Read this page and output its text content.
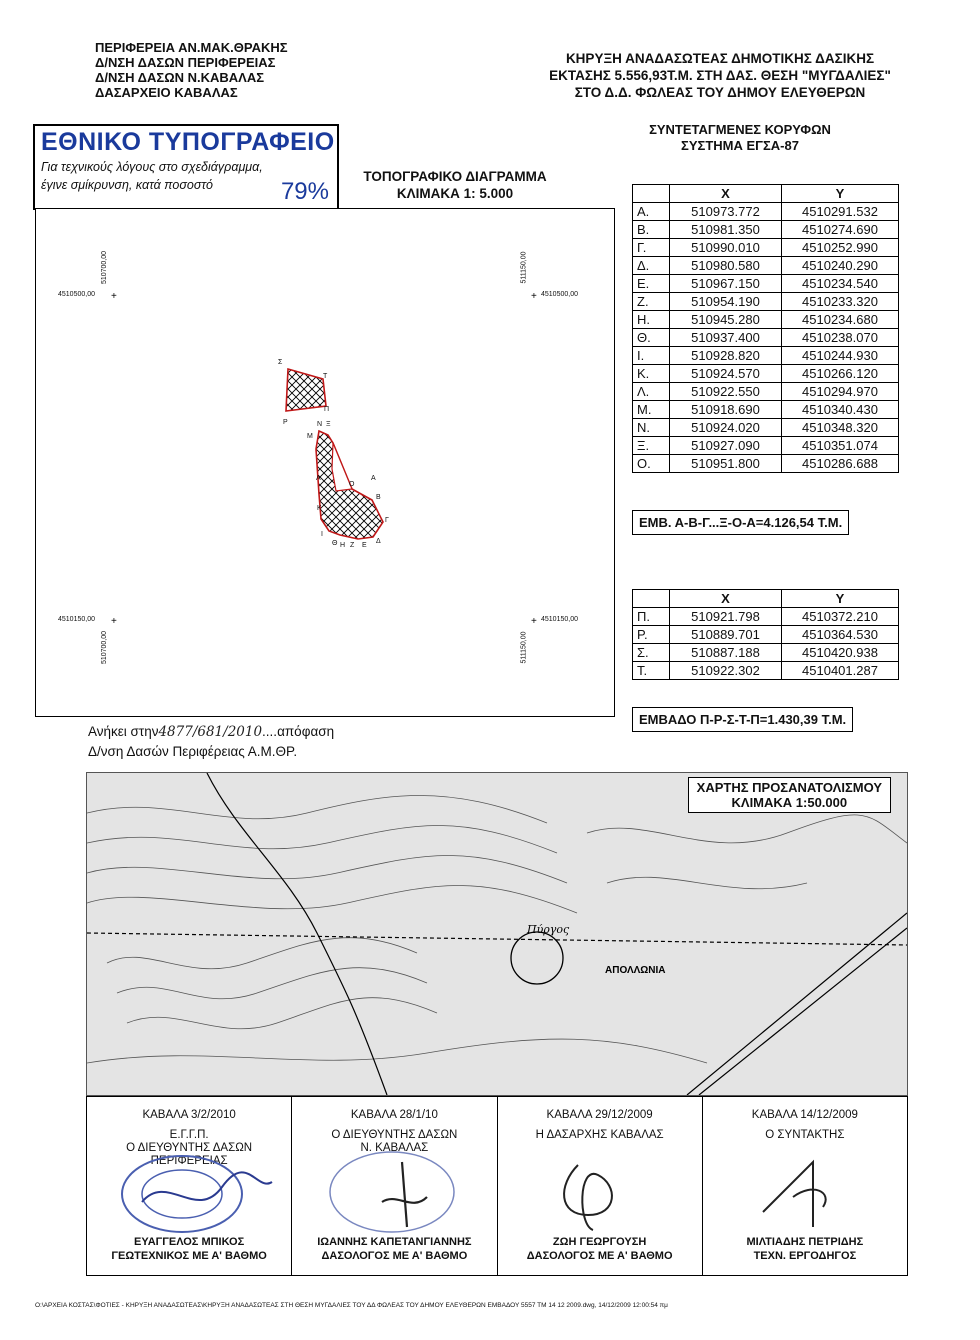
ΠΕΡΙΦΕΡΕΙΑ ΑΝ.ΜΑΚ.ΘΡΑΚΗΣ
Δ/ΝΣΗ ΔΑΣΩΝ ΠΕΡΙΦΕΡΕΙΑΣ
Δ/ΝΣΗ ΔΑΣΩΝ Ν.ΚΑΒΑΛΑΣ
ΔΑΣΑΡΧΕΙΟ ΚΑΒΑΛΑΣ
ΚΗΡΥΞΗ ΑΝΑΔΑΣΩΤΕΑΣ ΔΗΜΟΤΙΚΗΣ ΔΑΣΙΚΗΣ
ΕΚΤΑΣΗΣ 5.556,93Τ.Μ. ΣΤΗ ΔΑΣ. ΘΕΣΗ "ΜΥΓΔΑΛΙΕΣ"
ΣΤΟ Δ.Δ. ΦΩΛΕΑΣ ΤΟΥ ΔΗΜΟΥ ΕΛΕΥΘΕΡΩΝ
ΕΘΝΙΚΟ ΤΥΠΟΓΡΑΦΕΙΟ
Για τεχνικούς λόγους στο σχεδιάγραμμα,
έγινε σμίκρυνση, κατά ποσοστό	79%
ΣΥΝΤΕΤΑΓΜΕΝΕΣ ΚΟΡΥΦΩΝ
ΣΥΣΤΗΜΑ ΕΓΣΑ-87
ΤΟΠΟΓΡΑΦΙΚΟ ΔΙΑΓΡΑΜΜΑ
ΚΛΙΜΑΚΑ 1: 5.000
+	+
+	+
4510500,00	4510500,00
4510150,00	4510150,00
510700,00	511150,00
510700,00	511150,00
Σ
Τ
Π
Ρ	Ν Ξ
Μ
Λ
Ο
Α
Β
Γ
Κ
Ι
Θ Η Ζ Ε
Δ
	X	Y
Α.	510973.772	4510291.532
Β.	510981.350	4510274.690
Γ.	510990.010	4510252.990
Δ.	510980.580	4510240.290
Ε.	510967.150	4510234.540
Ζ.	510954.190	4510233.320
Η.	510945.280	4510234.680
Θ.	510937.400	4510238.070
Ι.	510928.820	4510244.930
Κ.	510924.570	4510266.120
Λ.	510922.550	4510294.970
Μ.	510918.690	4510340.430
Ν.	510924.020	4510348.320
Ξ.	510927.090	4510351.074
Ο.	510951.800	4510286.688
ΕΜΒ. Α-Β-Γ...Ξ-Ο-Α=4.126,54 Τ.Μ.
	X	Y
Π.	510921.798	4510372.210
Ρ.	510889.701	4510364.530
Σ.	510887.188	4510420.938
Τ.	510922.302	4510401.287
ΕΜΒΑΔΟ Π-Ρ-Σ-Τ-Π=1.430,39 Τ.Μ.
Ανήκει στην4877/681/2010....απόφαση
Δ/νση Δασών Περιφέρειας Α.Μ.ΘΡ.
ΑΠΟΛΛΩΝΙΑ
Πύργος
ΧΑΡΤΗΣ ΠΡΟΣΑΝΑΤΟΛΙΣΜΟΥ
ΚΛΙΜΑΚΑ 1:50.000
ΚΑΒΑΛΑ 3/2/2010
Ε.Γ.Γ.Π.
Ο ΔΙΕΥΘΥΝΤΗΣ ΔΑΣΩΝ
ΠΕΡΙΦΕΡΕΙΑΣ
ΕΥΑΓΓΕΛΟΣ ΜΠΙΚΟΣ
ΓΕΩΤΕΧΝΙΚΟΣ ΜΕ Α' ΒΑΘΜΟ
ΚΑΒΑΛΑ 28/1/10
Ο ΔΙΕΥΘΥΝΤΗΣ ΔΑΣΩΝ
Ν. ΚΑΒΑΛΑΣ
ΙΩΑΝΝΗΣ ΚΑΠΕΤΑΝΓΙΑΝΝΗΣ
ΔΑΣΟΛΟΓΟΣ ΜΕ Α' ΒΑΘΜΟ
ΚΑΒΑΛΑ 29/12/2009
Η ΔΑΣΑΡΧΗΣ ΚΑΒΑΛΑΣ
ΖΩΗ ΓΕΩΡΓΟΥΣΗ
ΔΑΣΟΛΟΓΟΣ ΜΕ Α' ΒΑΘΜΟ
ΚΑΒΑΛΑ 14/12/2009
Ο ΣΥΝΤΑΚΤΗΣ
ΜΙΛΤΙΑΔΗΣ ΠΕΤΡΙΔΗΣ
ΤΕΧΝ. ΕΡΓΟΔΗΓΟΣ
Ο:\ΑΡΧΕΙΑ ΚΟΣΤΑΣ\ΦΟΤΙΕΣ - ΚΗΡΥΞΗ ΑΝΑΔΑΣΩΤΕΑΣ\ΚΗΡΥΞΗ ΑΝΑΔΑΣΩΤΕΑΣ ΣΤΗ ΘΕΣΗ ΜΥΓΔΑΛΙΕΣ ΤΟΥ ΔΔ ΦΩΛΕΑΣ ΤΟΥ ΔΗΜΟΥ ΕΛΕΥΘΕΡΩΝ ΕΜΒΑΔΟΥ 5557 ΤΜ 14 12 2009.dwg, 14/12/2009 12:00:54 πμ
